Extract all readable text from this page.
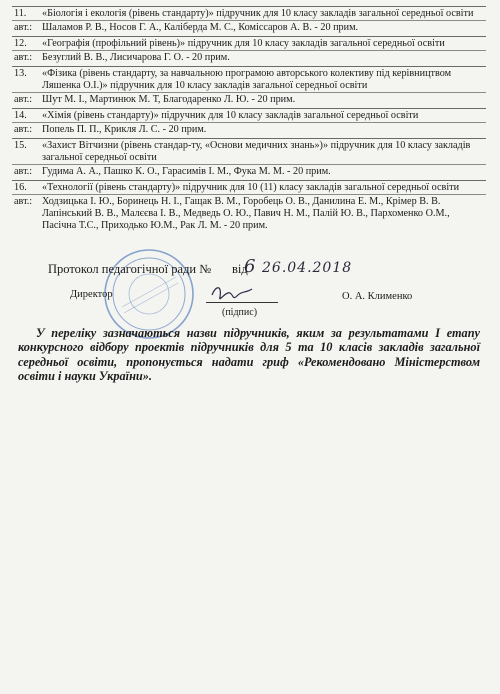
11.	«Біологія і екологія (рівень стандарту)» підручник для 10 класу закладів загальної середньої освіти
авт.: Шаламов Р. В., Носов Г. А., Каліберда М. С., Коміссаров А. В. - 20 прим.
12.	«Географія (профільний рівень)» підручник для 10 класу закладів загальної середньої освіти
авт.: Безуглий В. В., Лисичарова Г. О. - 20 прим.
13.	«Фізика (рівень стандарту, за навчальною програмою авторського колективу під керівництвом Ляшенка О.І.)» підручник для 10 класу закладів загальної середньої освіти
авт.: Шут М. І., Мартинюк М. Т, Благодаренко Л. Ю. - 20 прим.
14.	«Хімія (рівень стандарту)» підручник для 10 класу закладів загальної середньої освіти
авт.: Попель П. П., Крикля Л. С. - 20 прим.
15.	«Захист Вітчизни (рівень стандар-ту, «Основи медичних знань»)» підручник для 10 класу закладів загальної середньої освіти
авт.: Гудима А. А., Пашко К. О., Гарасимів І. М., Фука М. М. - 20 прим.
16.	«Технології (рівень стандарту)» підручник для 10 (11) класу закладів загальної середньої освіти
авт.: Ходзицька І. Ю., Боринець Н. І., Гащак В. М., Горобець О. В., Данилина Е. М., Крімер В. В. Лапінський В. В., Малєєва І. В., Медведь О. Ю., Павич Н. М., Палій Ю. В., Пархоменко О.М., Пасічна Т.С., Приходько Ю.М., Рак Л. М. - 20 прим.
Протокол педагогічної ради № 6
від 26.04.2018
Директор
(підпис)
О. А. Клименко
У переліку зазначаються назви підручників, яким за результатами І етапу конкурсного відбору проектів підручників для 5 та 10 класів закладів загальної середньої освіти, пропонується надати гриф «Рекомендовано Міністерством освіти і науки України».
